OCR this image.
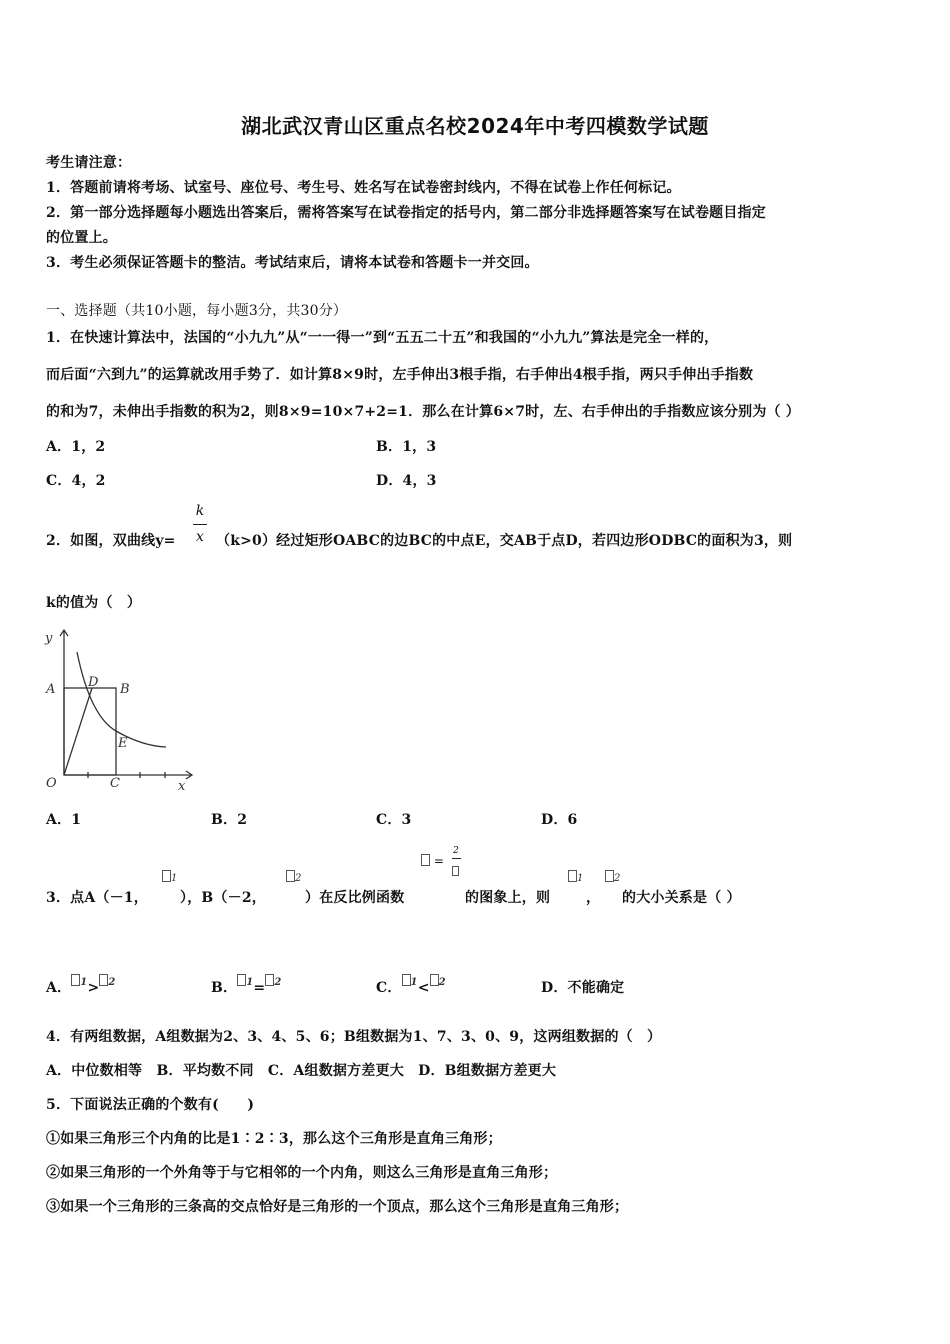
湖北武汉青山区重点名校2024年中考四模数学试题
考生请注意：
1．答题前请将考场、试室号、座位号、考生号、姓名写在试卷密封线内，不得在试卷上作任何标记。
2．第一部分选择题每小题选出答案后，需将答案写在试卷指定的括号内，第二部分非选择题答案写在试卷题目指定
的位置上。
3．考生必须保证答题卡的整洁。考试结束后，请将本试卷和答题卡一并交回。
一、选择题（共10小题，每小题3分，共30分）
1．在快速计算法中，法国的“小九九”从“一一得一”到“五五二十五”和我国的“小九九”算法是完全一样的，
而后面“六到九”的运算就改用手势了．如计算8×9时，左手伸出3根手指，右手伸出4根手指，两只手伸出手指数
的和为7，未伸出手指数的积为2，则8×9=10×7+2=1．那么在计算6×7时，左、右手伸出的手指数应该分别为（ ）
A．1，2	B．1，3
C．4，2	D．4，3
2．如图，双曲线y=
k
x （k>0）经过矩形OABC的边BC的中点E，交AB于点D，若四边形ODBC的面积为3，则
k的值为（　）
y
x
O
A	B
C
D
E
A．1	B．2	C．3	D．6
3．点A（－1，
1
），B（－2，
2
）在反比例函数
=
2
的图象上，则
1
，
2
的大小关系是（ ）
A． 1> 2	B． 1= 2	C． 1< 2	D．不能确定
4．有两组数据，A组数据为2、3、4、5、6；B组数据为1、7、3、0、9，这两组数据的（　）
A．中位数相等　B．平均数不同　C．A组数据方差更大　D．B组数据方差更大
5．下面说法正确的个数有(　　)
①如果三角形三个内角的比是1∶2∶3，那么这个三角形是直角三角形；
②如果三角形的一个外角等于与它相邻的一个内角，则这么三角形是直角三角形；
③如果一个三角形的三条高的交点恰好是三角形的一个顶点，那么这个三角形是直角三角形；
